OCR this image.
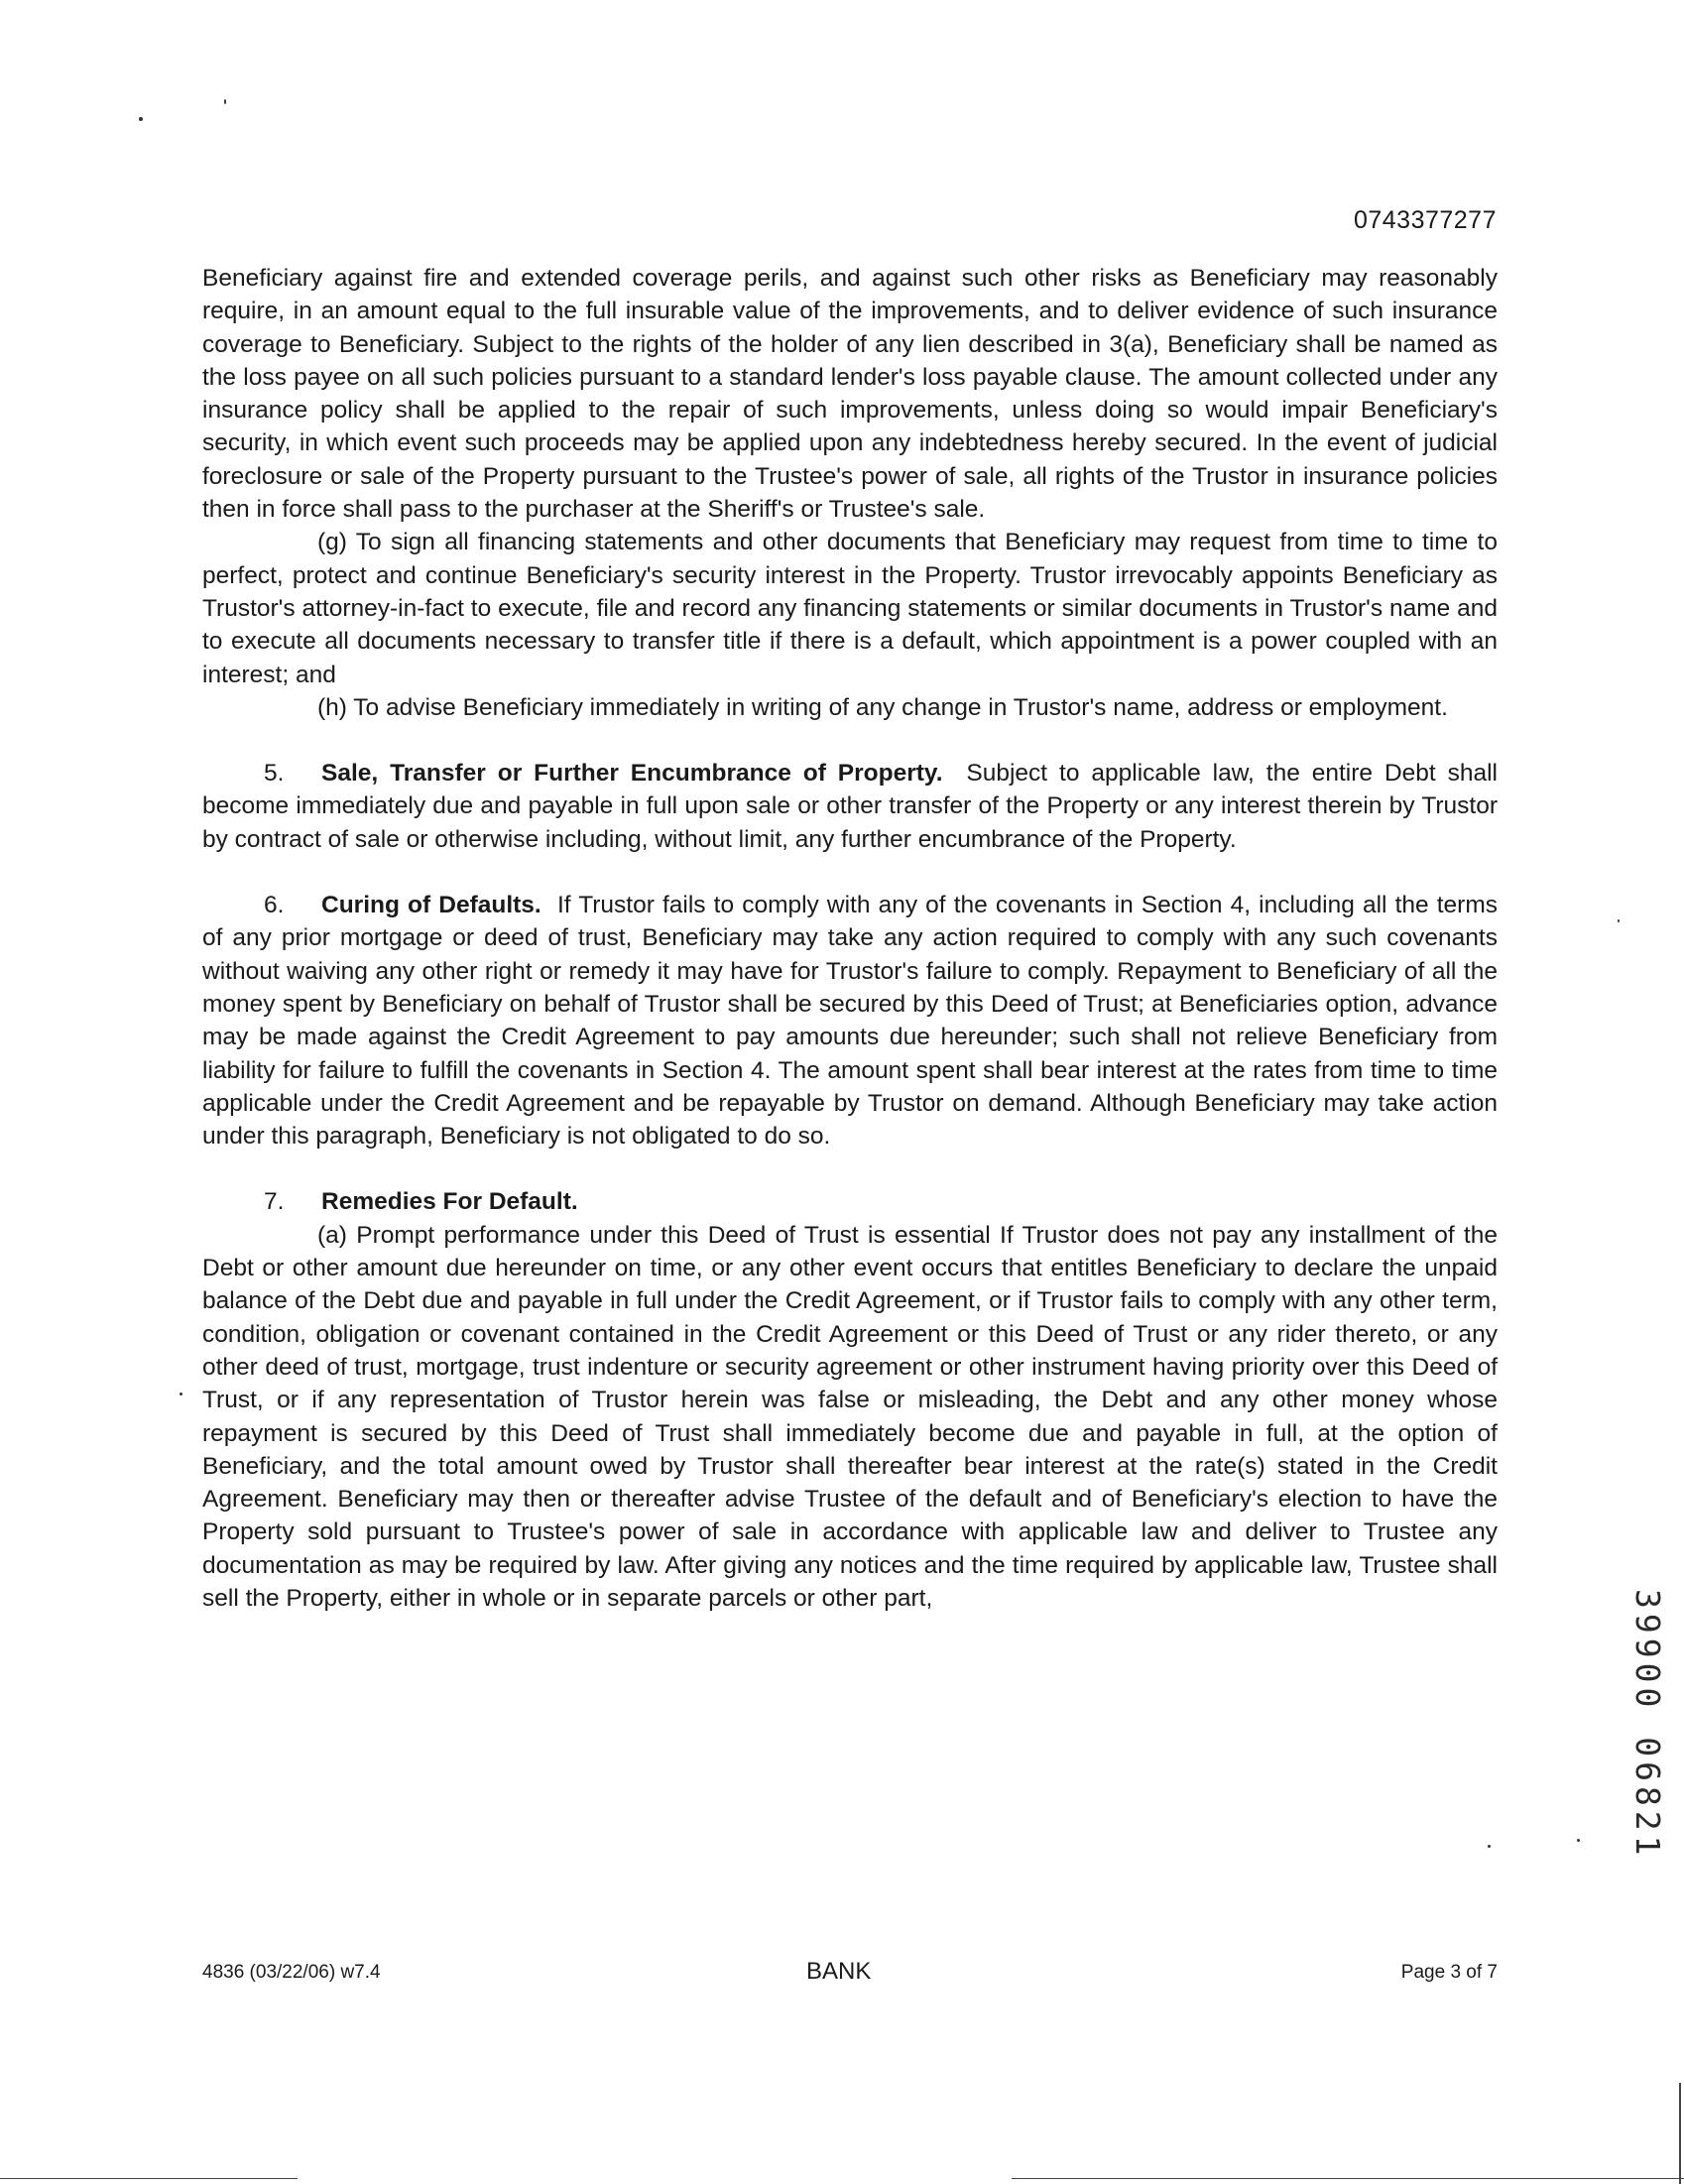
0743377277

Beneficiary against fire and extended coverage perils, and against such other risks as Beneficiary may reasonably require, in an amount equal to the full insurable value of the improvements, and to deliver evidence of such insurance coverage to Beneficiary. Subject to the rights of the holder of any lien described in 3(a), Beneficiary shall be named as the loss payee on all such policies pursuant to a standard lender's loss payable clause. The amount collected under any insurance policy shall be applied to the repair of such improvements, unless doing so would impair Beneficiary's security, in which event such proceeds may be applied upon any indebtedness hereby secured. In the event of judicial foreclosure or sale of the Property pursuant to the Trustee's power of sale, all rights of the Trustor in insurance policies then in force shall pass to the purchaser at the Sheriff's or Trustee's sale.

(g) To sign all financing statements and other documents that Beneficiary may request from time to time to perfect, protect and continue Beneficiary's security interest in the Property. Trustor irrevocably appoints Beneficiary as Trustor's attorney-in-fact to execute, file and record any financing statements or similar documents in Trustor's name and to execute all documents necessary to transfer title if there is a default, which appointment is a power coupled with an interest; and

(h) To advise Beneficiary immediately in writing of any change in Trustor's name, address or employment.

5. Sale, Transfer or Further Encumbrance of Property. Subject to applicable law, the entire Debt shall become immediately due and payable in full upon sale or other transfer of the Property or any interest therein by Trustor by contract of sale or otherwise including, without limit, any further encumbrance of the Property.

6. Curing of Defaults. If Trustor fails to comply with any of the covenants in Section 4, including all the terms of any prior mortgage or deed of trust, Beneficiary may take any action required to comply with any such covenants without waiving any other right or remedy it may have for Trustor's failure to comply. Repayment to Beneficiary of all the money spent by Beneficiary on behalf of Trustor shall be secured by this Deed of Trust; at Beneficiaries option, advance may be made against the Credit Agreement to pay amounts due hereunder; such shall not relieve Beneficiary from liability for failure to fulfill the covenants in Section 4. The amount spent shall bear interest at the rates from time to time applicable under the Credit Agreement and be repayable by Trustor on demand. Although Beneficiary may take action under this paragraph, Beneficiary is not obligated to do so.

7. Remedies For Default.

(a) Prompt performance under this Deed of Trust is essential If Trustor does not pay any installment of the Debt or other amount due hereunder on time, or any other event occurs that entitles Beneficiary to declare the unpaid balance of the Debt due and payable in full under the Credit Agreement, or if Trustor fails to comply with any other term, condition, obligation or covenant contained in the Credit Agreement or this Deed of Trust or any rider thereto, or any other deed of trust, mortgage, trust indenture or security agreement or other instrument having priority over this Deed of Trust, or if any representation of Trustor herein was false or misleading, the Debt and any other money whose repayment is secured by this Deed of Trust shall immediately become due and payable in full, at the option of Beneficiary, and the total amount owed by Trustor shall thereafter bear interest at the rate(s) stated in the Credit Agreement. Beneficiary may then or thereafter advise Trustee of the default and of Beneficiary's election to have the Property sold pursuant to Trustee's power of sale in accordance with applicable law and deliver to Trustee any documentation as may be required by law. After giving any notices and the time required by applicable law, Trustee shall sell the Property, either in whole or in separate parcels or other part,

4836 (03/22/06) w7.4	BANK	Page 3 of 7
39900 06821
